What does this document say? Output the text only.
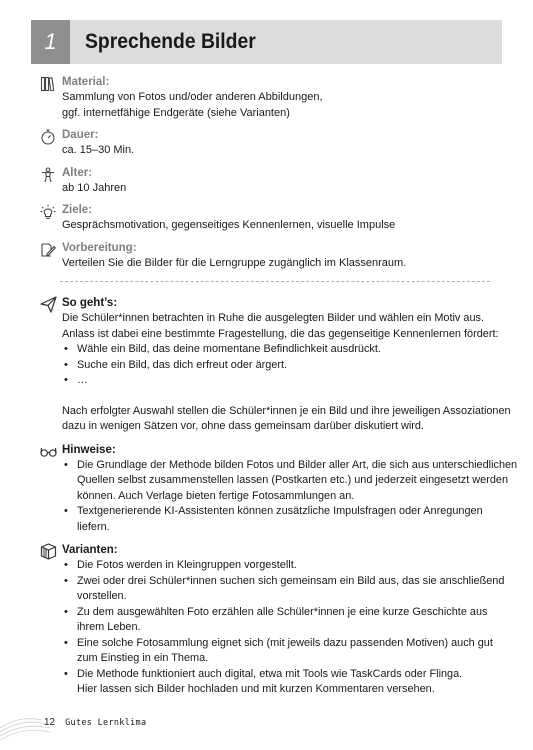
1	Sprechende Bilder
Material:
Sammlung von Fotos und/oder anderen Abbildungen,
ggf. internetfähige Endgeräte (siehe Varianten)
Dauer:
ca. 15–30 Min.
Alter:
ab 10 Jahren
Ziele:
Gesprächsmotivation, gegenseitiges Kennenlernen, visuelle Impulse
Vorbereitung:
Verteilen Sie die Bilder für die Lerngruppe zugänglich im Klassenraum.
So geht’s:
Die Schüler*innen betrachten in Ruhe die ausgelegten Bilder und wählen ein Motiv aus.
Anlass ist dabei eine bestimmte Fragestellung, die das gegenseitige Kennenlernen fördert:
• Wähle ein Bild, das deine momentane Befindlichkeit ausdrückt.
• Suche ein Bild, das dich erfreut oder ärgert.
• …
Nach erfolgter Auswahl stellen die Schüler*innen je ein Bild und ihre jeweiligen Assoziationen
dazu in wenigen Sätzen vor, ohne dass gemeinsam darüber diskutiert wird.
Hinweise:
• Die Grundlage der Methode bilden Fotos und Bilder aller Art, die sich aus unterschiedlichen
Quellen selbst zusammenstellen lassen (Postkarten etc.) und jederzeit eingesetzt werden
können. Auch Verlage bieten fertige Fotosammlungen an.
• Textgenerierende KI-Assistenten können zusätzliche Impulsfragen oder Anregungen
liefern.
Varianten:
• Die Fotos werden in Kleingruppen vorgestellt.
• Zwei oder drei Schüler*innen suchen sich gemeinsam ein Bild aus, das sie anschließend
vorstellen.
• Zu dem ausgewählten Foto erzählen alle Schüler*innen je eine kurze Geschichte aus
ihrem Leben.
• Eine solche Fotosammlung eignet sich (mit jeweils dazu passenden Motiven) auch gut
zum Einstieg in ein Thema.
• Die Methode funktioniert auch digital, etwa mit Tools wie TaskCards oder Flinga.
Hier lassen sich Bilder hochladen und mit kurzen Kommentaren versehen.
12 Gutes Lernklima
